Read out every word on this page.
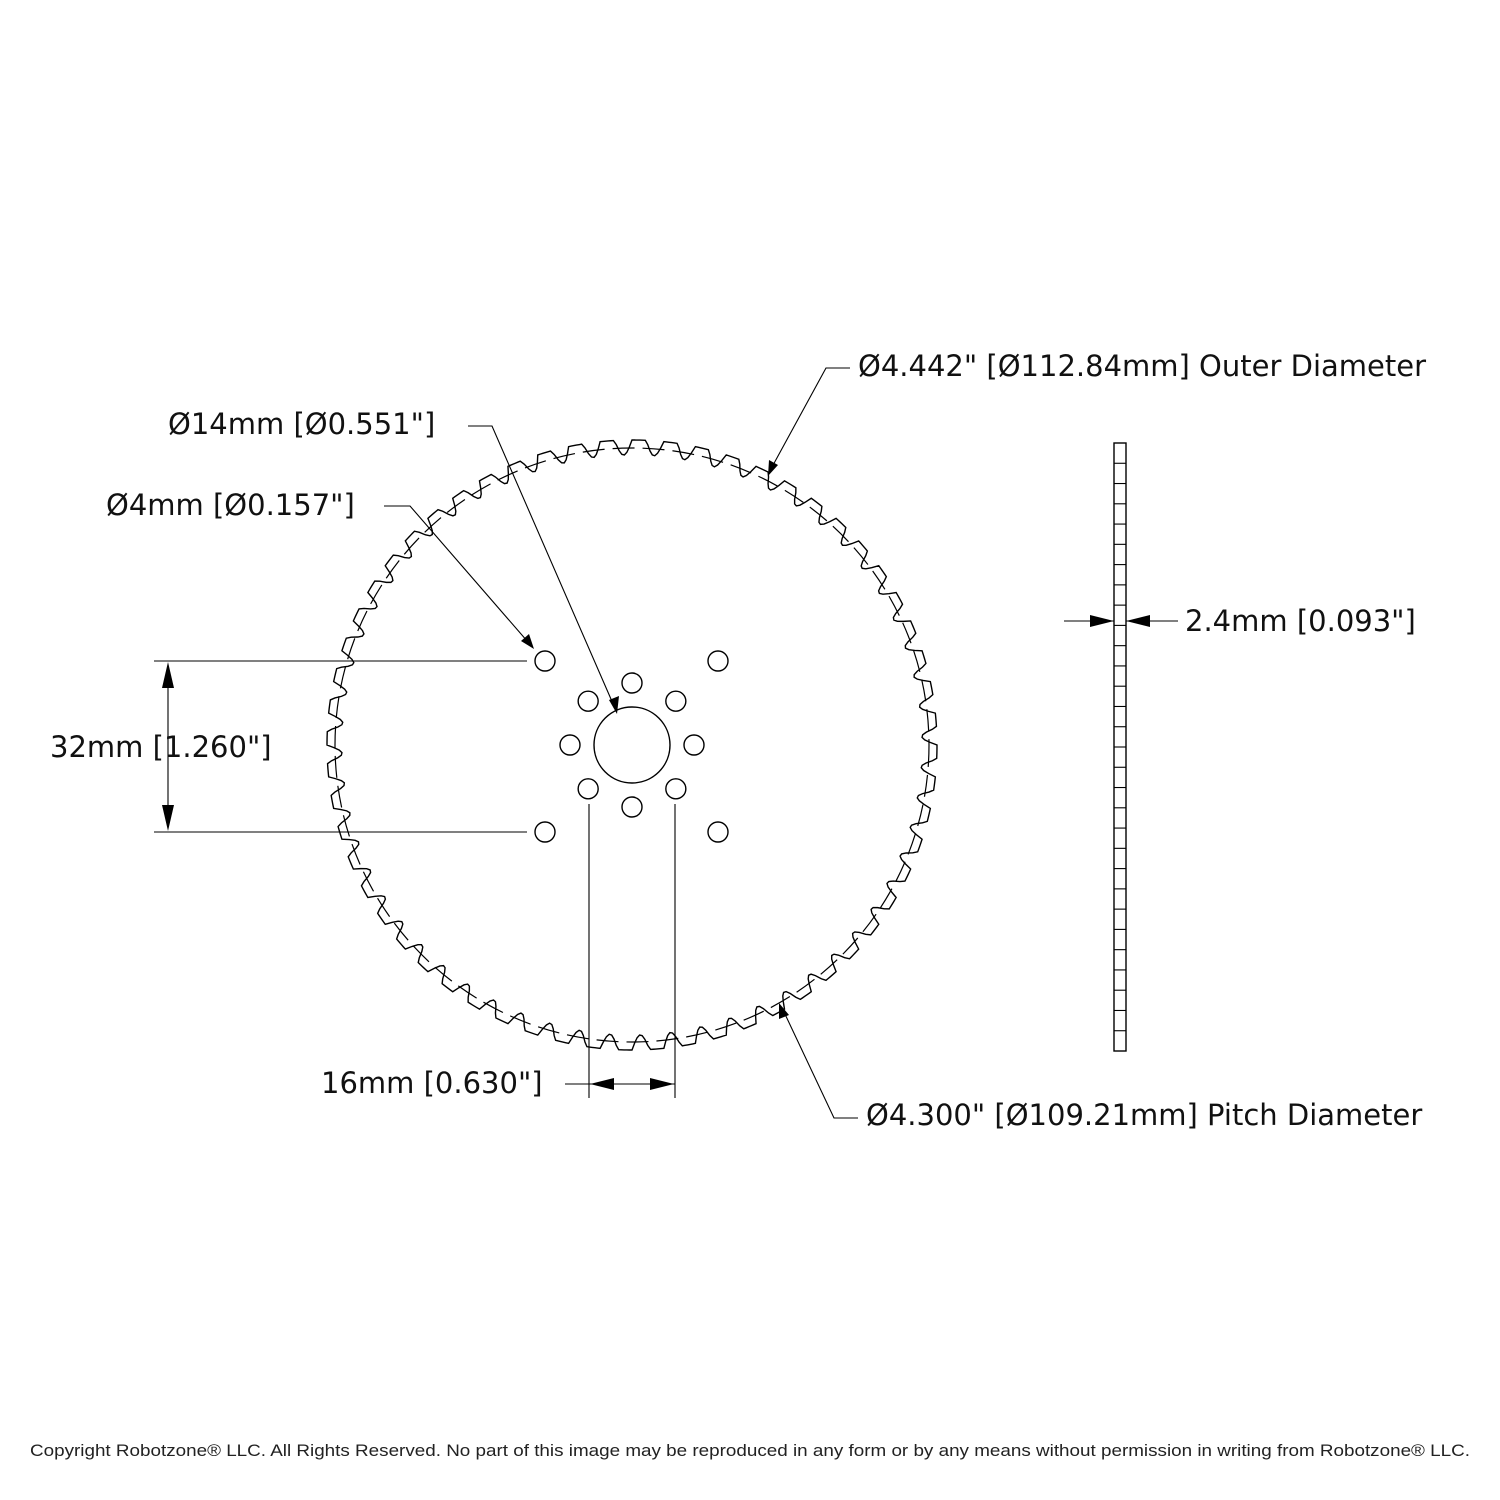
Ø4.442" [Ø112.84mm] Outer Diameter
Ø14mm [Ø0.551"]
Ø4mm [Ø0.157"]
32mm [1.260"]
16mm [0.630"]
Ø4.300" [Ø109.21mm] Pitch Diameter
2.4mm [0.093"]
Copyright Robotzone® LLC. All Rights Reserved. No part of this image may be reproduced in any form or by any means without permission in writing from Robotzone® LLC.
